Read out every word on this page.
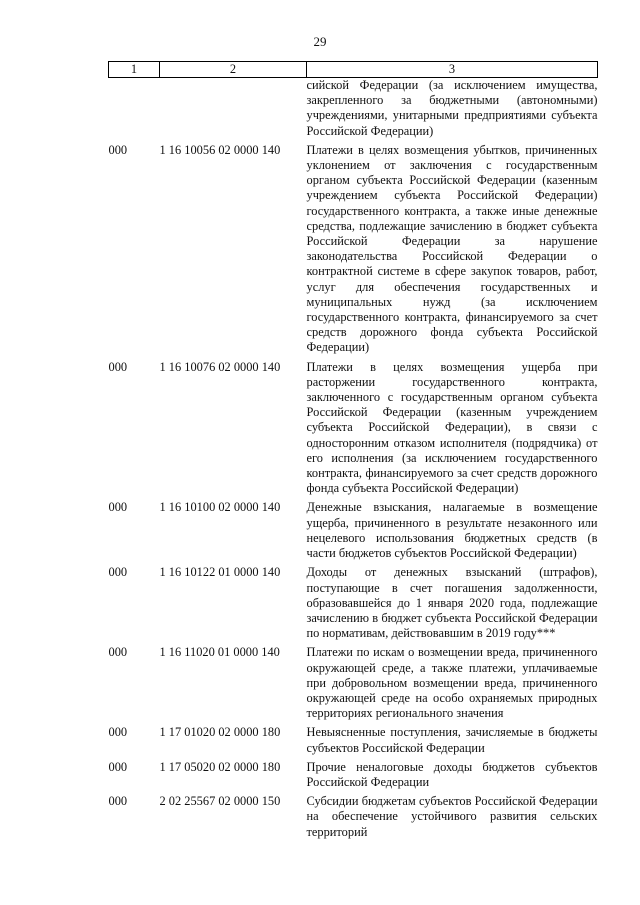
29
1	2	3
		сийской Федерации (за исключением имущества, закрепленного за бюджетными (автономными) учреждениями, унитарными предприятиями субъекта Российской Федерации)

000	1 16 10056 02 0000 140	Платежи в целях возмещения убытков, причиненных уклонением от заключения с государственным органом субъекта Российской Федерации (казенным учреждением субъекта Российской Федерации) государственного контракта, а также иные денежные средства, подлежащие зачислению в бюджет субъекта Российской Федерации за нарушение законодательства Российской Федерации о контрактной системе в сфере закупок товаров, работ, услуг для обеспечения государственных и муниципальных нужд (за исключением государственного контракта, финансируемого за счет средств дорожного фонда субъекта Российской Федерации)

000	1 16 10076 02 0000 140	Платежи в целях возмещения ущерба при расторжении государственного контракта, заключенного с государственным органом субъекта Российской Федерации (казенным учреждением субъекта Российской Федерации), в связи с односторонним отказом исполнителя (подрядчика) от его исполнения (за исключением государственного контракта, финансируемого за счет средств дорожного фонда субъекта Российской Федерации)

000	1 16 10100 02 0000 140	Денежные взыскания, налагаемые в возмещение ущерба, причиненного в результате незаконного или нецелевого использования бюджетных средств (в части бюджетов субъектов Российской Федерации)

000	1 16 10122 01 0000 140	Доходы от денежных взысканий (штрафов), поступающие в счет погашения задолженности, образовавшейся до 1 января 2020 года, подлежащие зачислению в бюджет субъекта Российской Федерации по нормативам, действовавшим в 2019 году***

000	1 16 11020 01 0000 140	Платежи по искам о возмещении вреда, причиненного окружающей среде, а также платежи, уплачиваемые при добровольном возмещении вреда, причиненного окружающей среде на особо охраняемых природных территориях регионального значения

000	1 17 01020 02 0000 180	Невыясненные поступления, зачисляемые в бюджеты субъектов Российской Федерации

000	1 17 05020 02 0000 180	Прочие неналоговые доходы бюджетов субъектов Российской Федерации

000	2 02 25567 02 0000 150	Субсидии бюджетам субъектов Российской Федерации на обеспечение устойчивого развития сельских территорий
